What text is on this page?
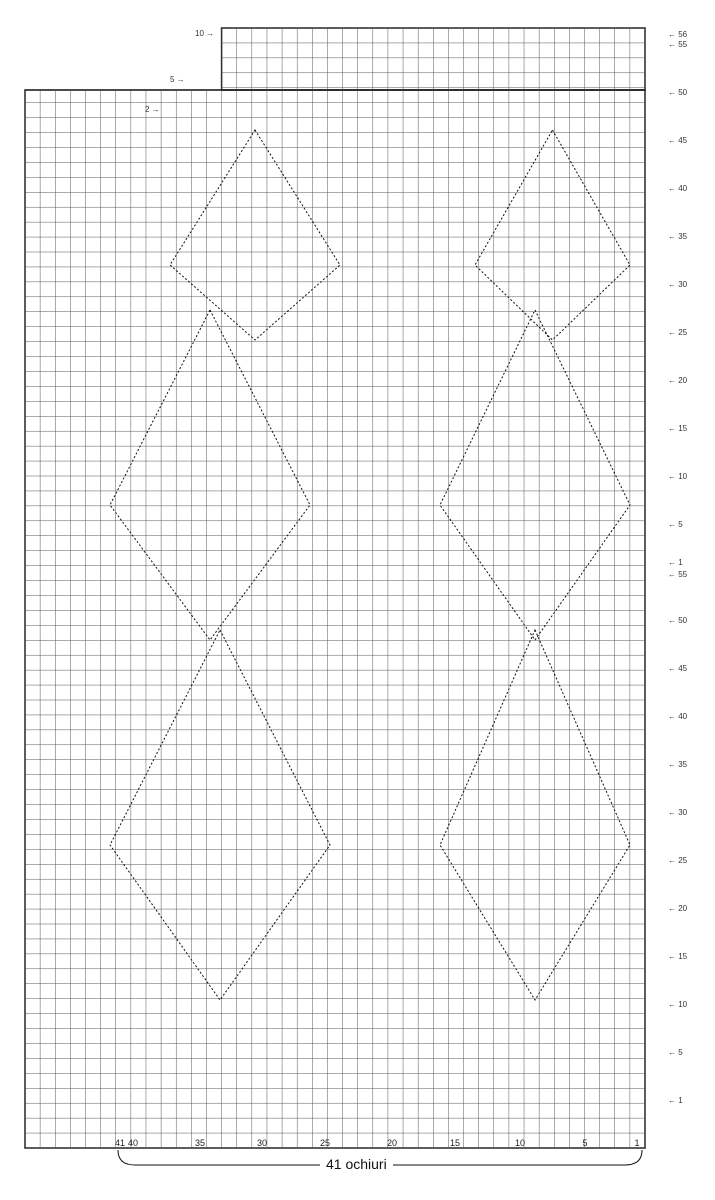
← 56
← 55
← 50
← 45
← 40
← 35
← 30
← 25
← 20
← 15
← 10
← 5
← 1
← 55
← 50
← 45
← 40
← 35
← 30
← 25
← 20
← 15
← 10
← 5
← 1
10 →
5 →
2 →
41 40	35	30	25	20	15	10	5	1
41 ochiuri
